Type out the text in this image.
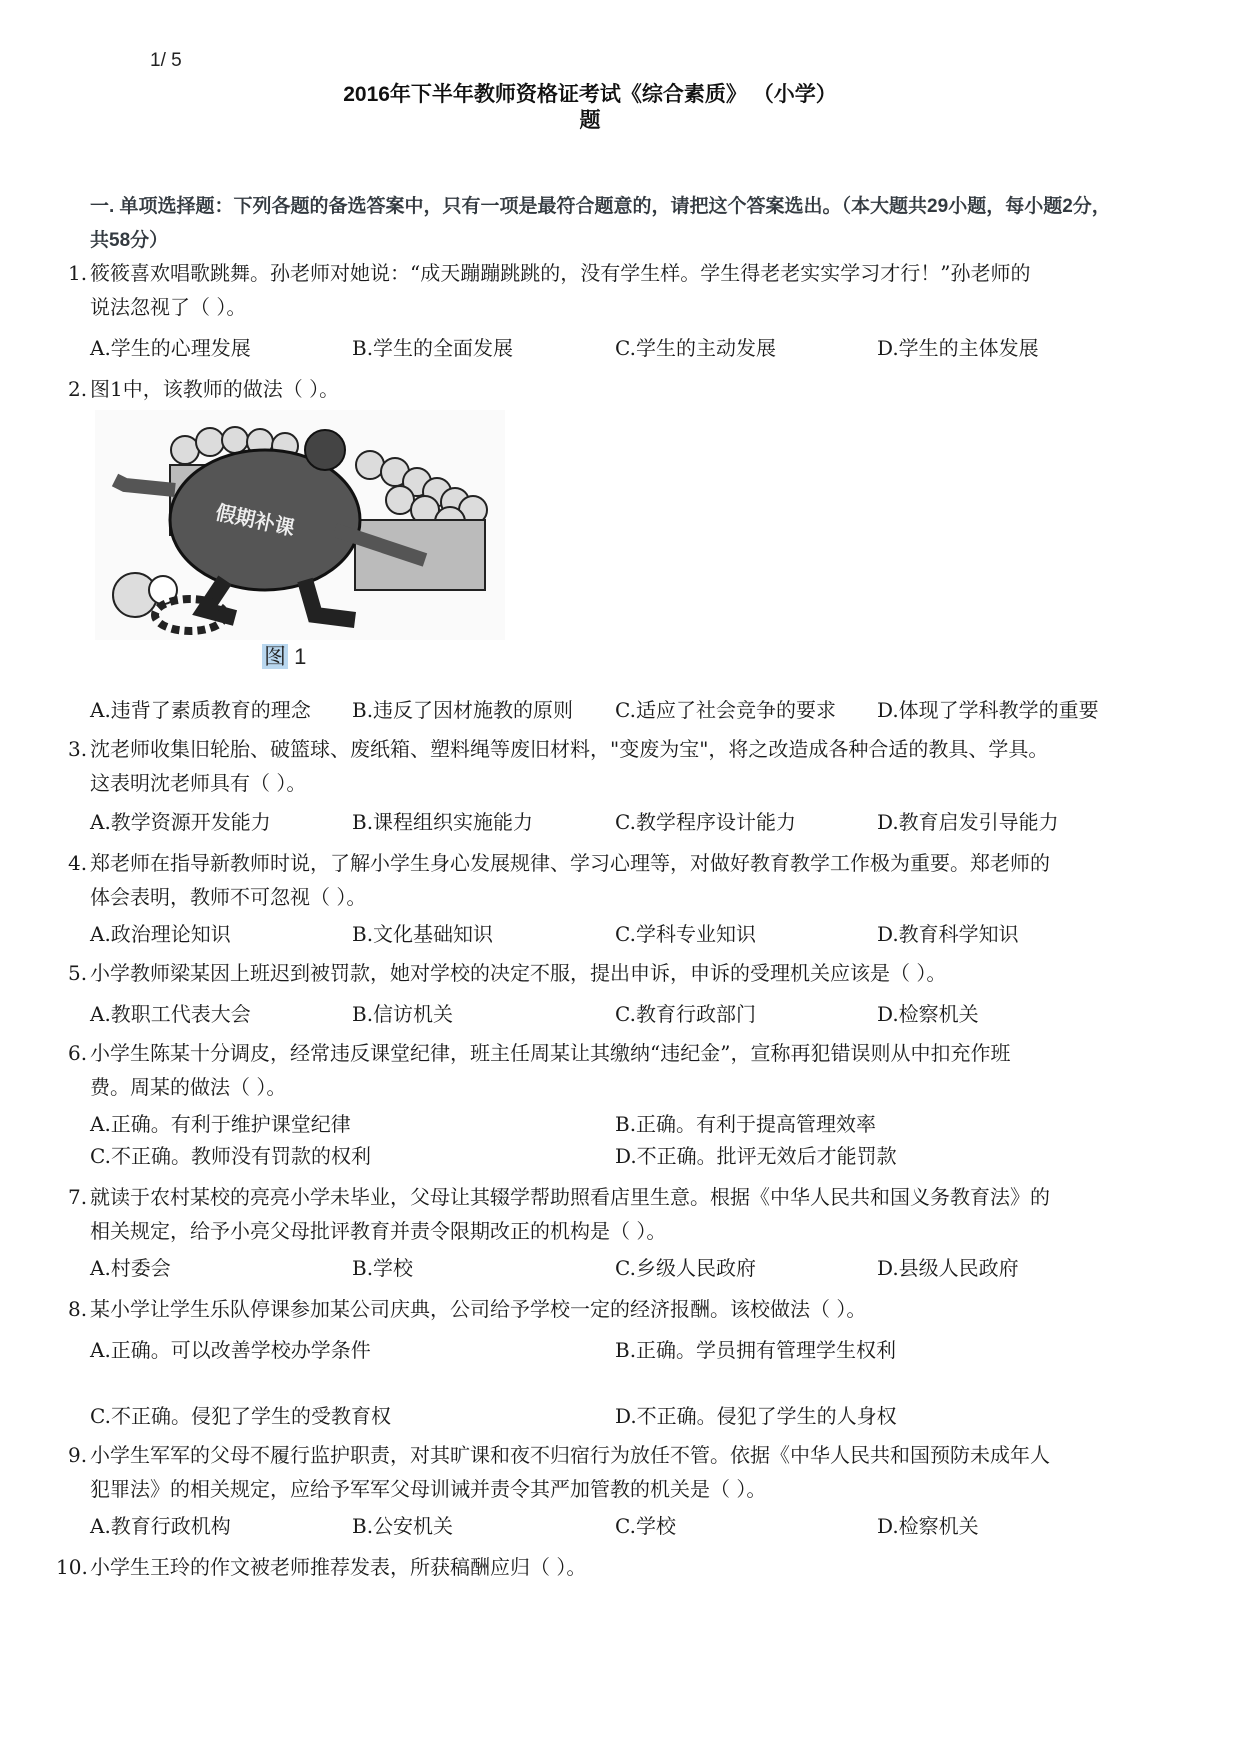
1/ 5
2016年下半年教师资格证考试《综合素质》 （小学）
题
一. 单项选择题：下列各题的备选答案中，只有一项是最符合题意的，请把这个答案选出。（本大题共29小题，每小题2分，共58分）
1. 筱筱喜欢唱歌跳舞。孙老师对她说：“成天蹦蹦跳跳的，没有学生样。学生得老老实实学习才行！”孙老师的
说法忽视了（ ）。
A.学生的心理发展	B.学生的全面发展	C.学生的主动发展	D.学生的主体发展
2. 图1中，该教师的做法（ ）。
假期补课
图 1
A.违背了素质教育的理念 B.违反了因材施教的原则 C.适应了社会竞争的要求 D.体现了学科教学的重要
3. 沈老师收集旧轮胎、破篮球、废纸箱、塑料绳等废旧材料，"变废为宝"，将之改造成各种合适的教具、学具。
这表明沈老师具有（ ）。
A.教学资源开发能力	B.课程组织实施能力	C.教学程序设计能力	D.教育启发引导能力
4. 郑老师在指导新教师时说，了解小学生身心发展规律、学习心理等，对做好教育教学工作极为重要。郑老师的
体会表明，教师不可忽视（ ）。
A.政治理论知识	B.文化基础知识	C.学科专业知识	D.教育科学知识
5. 小学教师梁某因上班迟到被罚款，她对学校的决定不服，提出申诉，申诉的受理机关应该是（ ）。
A.教职工代表大会	B.信访机关	C.教育行政部门	D.检察机关
6. 小学生陈某十分调皮，经常违反课堂纪律，班主任周某让其缴纳“违纪金”，宣称再犯错误则从中扣充作班
费。周某的做法（ ）。
A.正确。有利于维护课堂纪律	B.正确。有利于提高管理效率
C.不正确。教师没有罚款的权利	D.不正确。批评无效后才能罚款
7. 就读于农村某校的亮亮小学未毕业，父母让其辍学帮助照看店里生意。根据《中华人民共和国义务教育法》的
相关规定，给予小亮父母批评教育并责令限期改正的机构是（ ）。
A.村委会	B.学校	C.乡级人民政府	D.县级人民政府
8. 某小学让学生乐队停课参加某公司庆典，公司给予学校一定的经济报酬。该校做法（ ）。
A.正确。可以改善学校办学条件	B.正确。学员拥有管理学生权利
C.不正确。侵犯了学生的受教育权	D.不正确。侵犯了学生的人身权
9. 小学生军军的父母不履行监护职责，对其旷课和夜不归宿行为放任不管。依据《中华人民共和国预防未成年人
犯罪法》的相关规定，应给予军军父母训诫并责令其严加管教的机关是（ ）。
A.教育行政机构	B.公安机关	C.学校	D.检察机关
10. 小学生王玲的作文被老师推荐发表，所获稿酬应归（ ）。
